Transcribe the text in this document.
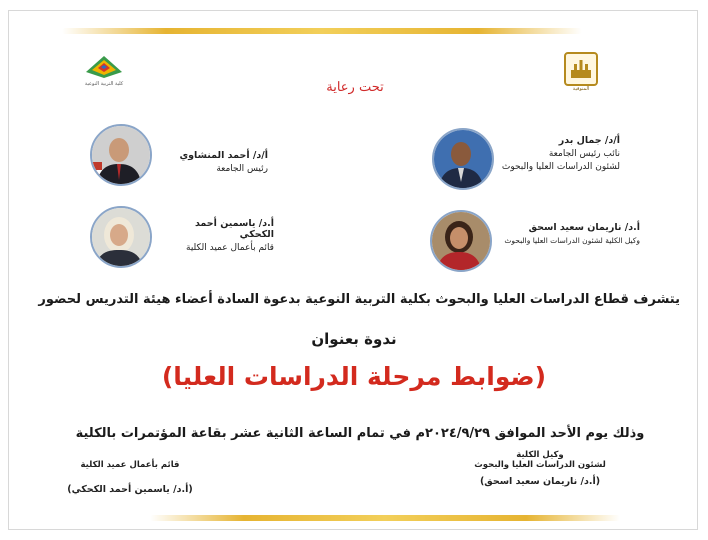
كلية التربية النوعية
المنوفية
تحت رعاية
أ/د/ جمال بدر
نائب رئيس الجامعة
لشئون الدراسات العليا والبحوث
أ/د/ أحمد المنشاوي
رئيس الجامعة
أ.د/ ناريمان سعيد اسحق
وكيل الكلية لشئون الدراسات العليا والبحوث
أ.د/ ياسمين أحمد الكحكي
قائم بأعمال عميد الكلية
يتشرف قطاع الدراسات العليا والبحوث بكلية التربية النوعية بدعوة السادة أعضاء هيئة التدريس لحضور
ندوة بعنوان
(ضوابط مرحلة الدراسات العليا)
وذلك يوم الأحد الموافق ٢٠٢٤/٩/٢٩م في تمام الساعة الثانية عشر بقاعة المؤتمرات بالكلية
وكيل الكلية
لشئون الدراسات العليا والبحوث
(أ.د/ ناريمان سعيد اسحق)
قائم بأعمال عميد الكلية
(أ.د/ ياسمين أحمد الكحكي)
